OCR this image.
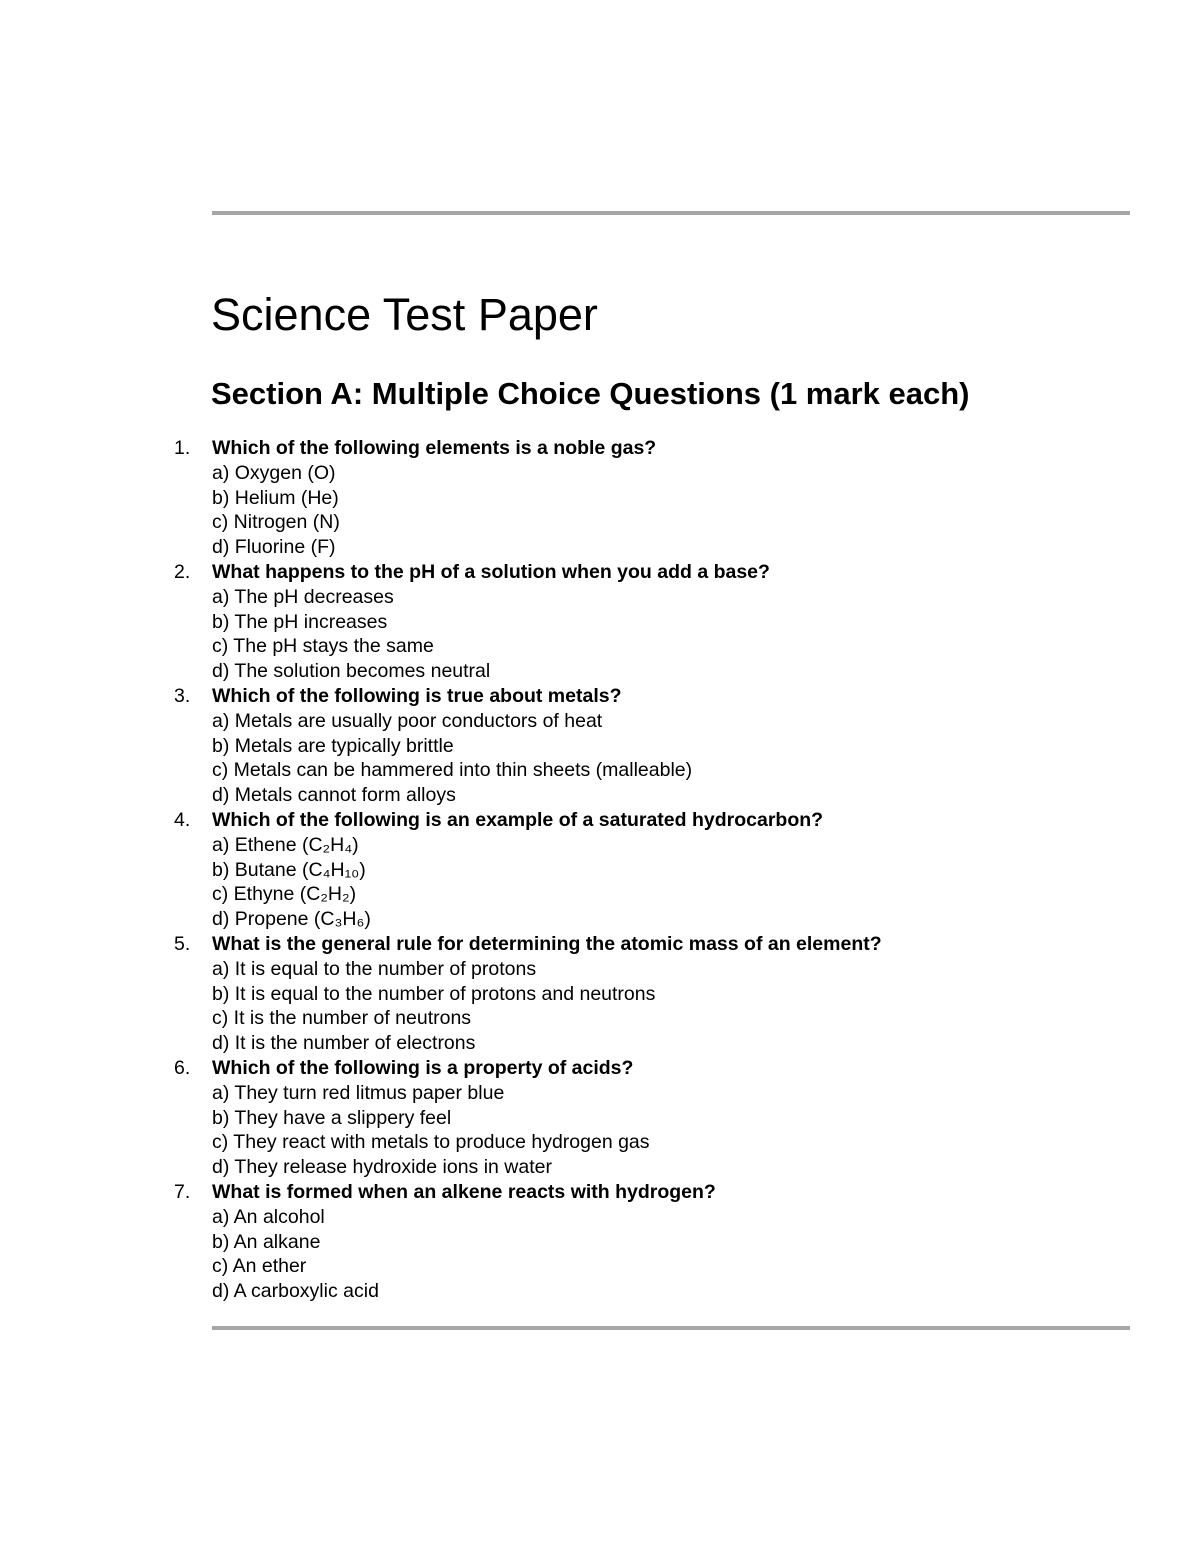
Science Test Paper
Section A: Multiple Choice Questions (1 mark each)
1.	Which of the following elements is a noble gas?
a) Oxygen (O)
b) Helium (He)
c) Nitrogen (N)
d) Fluorine (F)
2.	What happens to the pH of a solution when you add a base?
a) The pH decreases
b) The pH increases
c) The pH stays the same
d) The solution becomes neutral
3.	Which of the following is true about metals?
a) Metals are usually poor conductors of heat
b) Metals are typically brittle
c) Metals can be hammered into thin sheets (malleable)
d) Metals cannot form alloys
4.	Which of the following is an example of a saturated hydrocarbon?
a) Ethene (C₂H₄)
b) Butane (C₄H₁₀)
c) Ethyne (C₂H₂)
d) Propene (C₃H₆)
5.	What is the general rule for determining the atomic mass of an element?
a) It is equal to the number of protons
b) It is equal to the number of protons and neutrons
c) It is the number of neutrons
d) It is the number of electrons
6.	Which of the following is a property of acids?
a) They turn red litmus paper blue
b) They have a slippery feel
c) They react with metals to produce hydrogen gas
d) They release hydroxide ions in water
7.	What is formed when an alkene reacts with hydrogen?
a) An alcohol
b) An alkane
c) An ether
d) A carboxylic acid
